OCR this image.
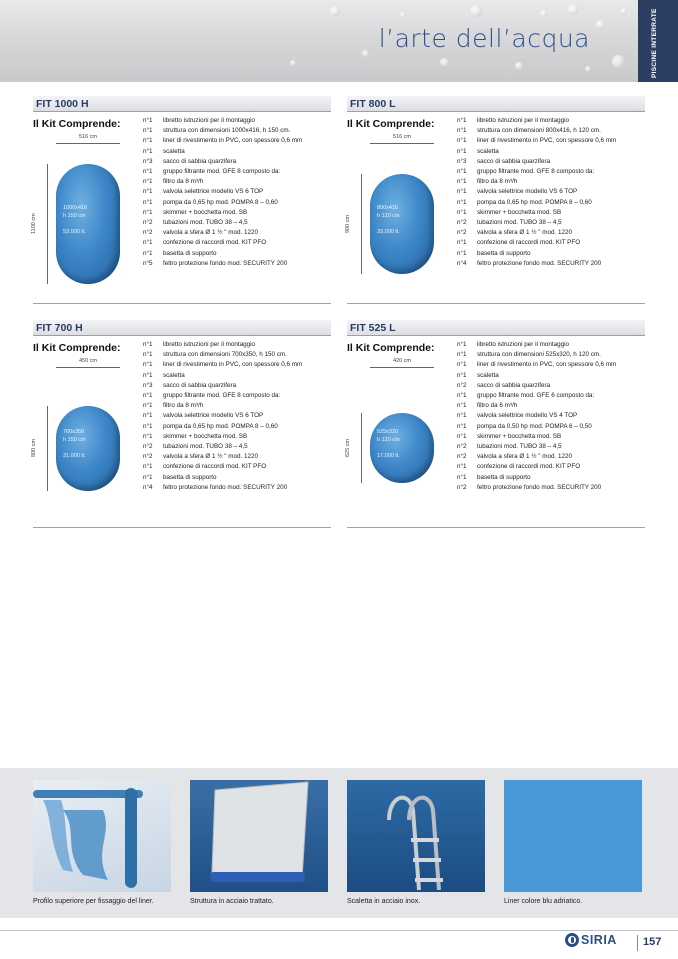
l’arte dell’acqua	PISCINE INTERRATE
FIT 1000 H
Il Kit Comprende:
516 cm
1100 cm
1000x416
h 150 cm
53.000 lt.
n°1	libretto istruzioni per il montaggio
n°1	struttura con dimensioni 1000x416, h 150 cm.
n°1	liner di rivestimento in PVC, con spessore 0,6 mm
n°1	scaletta
n°3	sacco di sabbia quarzifera
n°1	gruppo filtrante mod. GFE 8 composto da:
n°1	filtro da 8 m³/h
n°1	valvola selettrice modello VS 6 TOP
n°1	pompa da 0,65 hp mod. POMPA 8 – 0,60
n°1	skimmer + bocchetta mod. SB
n°2	tubazioni mod. TUBO 38 – 4,5
n°2	valvola a sfera Ø 1 ½ " mod. 1220
n°1	confezione di raccordi mod. KIT PFO
n°1	basetta di supporto
n°5	feltro protezione fondo mod. SECURITY 200
FIT 800 L
Il Kit Comprende:
516 cm
900 cm
800x416
h 120 cm
33.000 lt.
n°1	libretto istruzioni per il montaggio
n°1	struttura con dimensioni 800x416, h 120 cm.
n°1	liner di rivestimento in PVC, con spessore 0,6 mm
n°1	scaletta
n°3	sacco di sabbia quarzifera
n°1	gruppo filtrante mod. GFE 8 composto da:
n°1	filtro da 8 m³/h
n°1	valvola selettrice modello VS 6 TOP
n°1	pompa da 0,65 hp mod. POMPA 8 – 0,60
n°1	skimmer + bocchetta mod. SB
n°2	tubazioni mod. TUBO 38 – 4,5
n°2	valvola a sfera Ø 1 ½ " mod. 1220
n°1	confezione di raccordi mod. KIT PFO
n°1	basetta di supporto
n°4	feltro protezione fondo mod. SECURITY 200
FIT 700 H
Il Kit Comprende:
450 cm
800 cm
700x350
h 150 cm
31.000 lt.
n°1	libretto istruzioni per il montaggio
n°1	struttura con dimensioni 700x350, h 150 cm.
n°1	liner di rivestimento in PVC, con spessore 0,6 mm
n°1	scaletta
n°3	sacco di sabbia quarzifera
n°1	gruppo filtrante mod. GFE 8 composto da:
n°1	filtro da 8 m³/h
n°1	valvola selettrice modello VS 6 TOP
n°1	pompa da 0,65 hp mod. POMPA 8 – 0,60
n°1	skimmer + bocchetta mod. SB
n°2	tubazioni mod. TUBO 38 – 4,5
n°2	valvola a sfera Ø 1 ½ " mod. 1220
n°1	confezione di raccordi mod. KIT PFO
n°1	basetta di supporto
n°4	feltro protezione fondo mod. SECURITY 200
FIT 525 L
Il Kit Comprende:
420 cm
625 cm
525x320
h 120 cm
17.000 lt.
n°1	libretto istruzioni per il montaggio
n°1	struttura con dimensioni 525x320, h 120 cm.
n°1	liner di rivestimento in PVC, con spessore 0,6 mm
n°1	scaletta
n°2	sacco di sabbia quarzifera
n°1	gruppo filtrante mod. GFE 6 composto da:
n°1	filtro da 6 m³/h
n°1	valvola selettrice modello VS 4 TOP
n°1	pompa da 0,50 hp mod. POMPA 6 – 0,50
n°1	skimmer + bocchetta mod. SB
n°2	tubazioni mod. TUBO 38 – 4,5
n°2	valvola a sfera Ø 1 ½ " mod. 1220
n°1	confezione di raccordi mod. KIT PFO
n°1	basetta di supporto
n°2	feltro protezione fondo mod. SECURITY 200
Profilo superiore per fissaggio del liner.	Struttura in acciaio trattato.	Scaletta in acciaio inox.	Liner colore blu adriatico.
SIRIA 157
